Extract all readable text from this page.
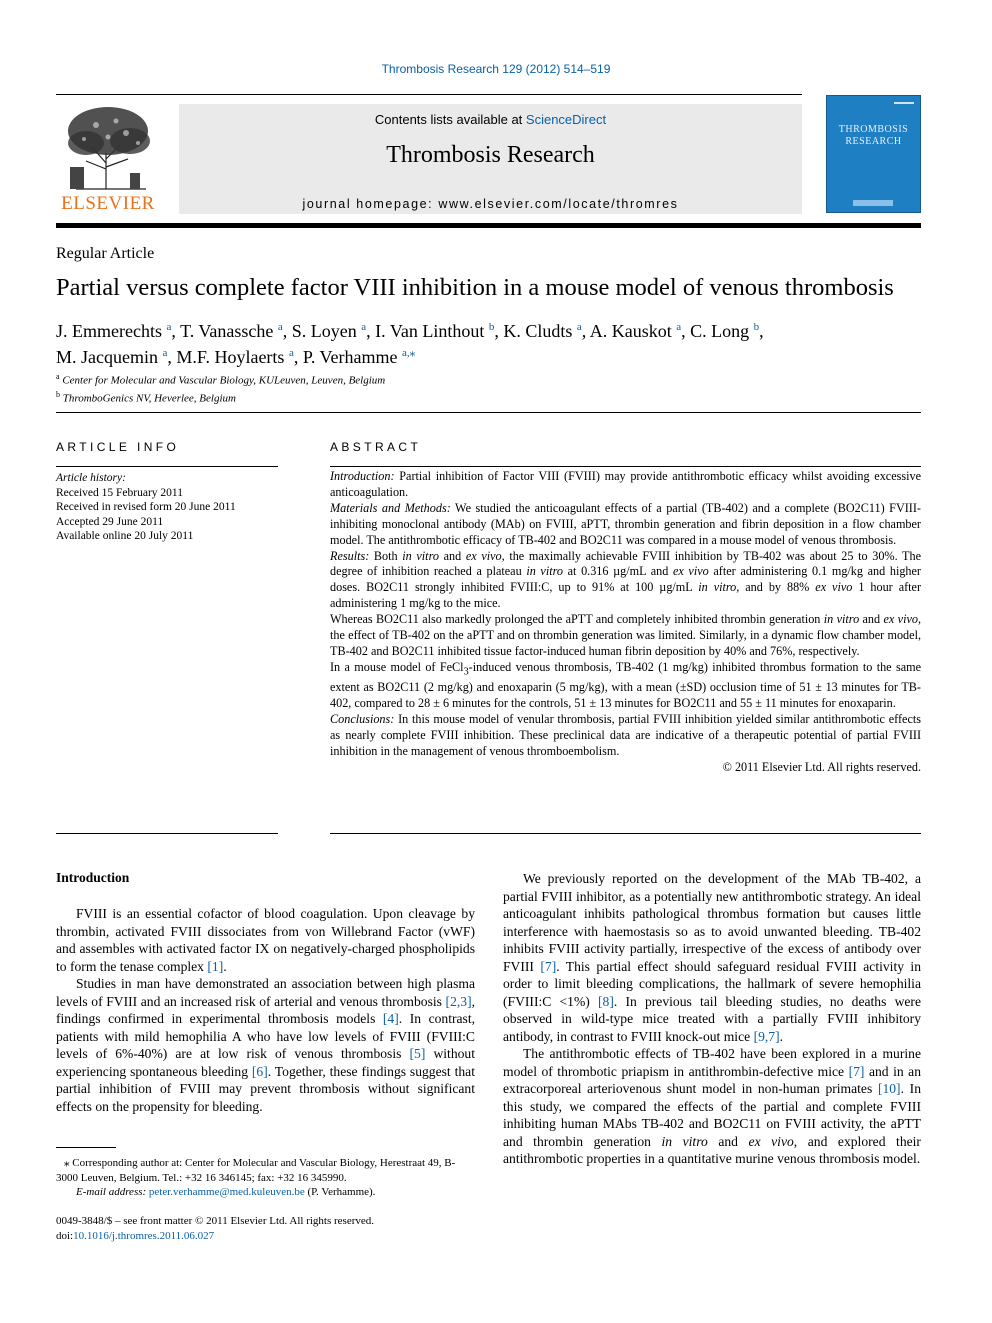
Thrombosis Research 129 (2012) 514–519
ELSEVIER
Contents lists available at ScienceDirect
Thrombosis Research
journal homepage: www.elsevier.com/locate/thromres
THROMBOSIS RESEARCH
Regular Article
Partial versus complete factor VIII inhibition in a mouse model of venous thrombosis
J. Emmerechts $^a$, T. Vanassche $^a$, S. Loyen $^a$, I. Van Linthout $^b$, K. Cludts $^a$, A. Kauskot $^a$, C. Long $^b$,
M. Jacquemin $^a$, M.F. Hoylaerts $^a$, P. Verhamme $^{a,⁎}$
$^a$ Center for Molecular and Vascular Biology, KULeuven, Leuven, Belgium
$^b$ ThromboGenics NV, Heverlee, Belgium
ARTICLE INFO	ABSTRACT
Article history:
Received 15 February 2011
Received in revised form 20 June 2011
Accepted 29 June 2011
Available online 20 July 2011

Introduction: Partial inhibition of Factor VIII (FVIII) may provide antithrombotic efficacy whilst avoiding excessive anticoagulation.

Materials and Methods: We studied the anticoagulant effects of a partial (TB-402) and a complete (BO2C11) FVIII-inhibiting monoclonal antibody (MAb) on FVIII, aPTT, thrombin generation and fibrin deposition in a flow chamber model. The antithrombotic efficacy of TB-402 and BO2C11 was compared in a mouse model of venous thrombosis.

Results: Both in vitro and ex vivo, the maximally achievable FVIII inhibition by TB-402 was about 25 to 30%. The degree of inhibition reached a plateau in vitro at 0.316 µg/mL and ex vivo after administering 0.1 mg/kg and higher doses. BO2C11 strongly inhibited FVIII:C, up to 91% at 100 µg/mL in vitro, and by 88% ex vivo 1 hour after administering 1 mg/kg to the mice.

Whereas BO2C11 also markedly prolonged the aPTT and completely inhibited thrombin generation in vitro and ex vivo, the effect of TB-402 on the aPTT and on thrombin generation was limited. Similarly, in a dynamic flow chamber model, TB-402 and BO2C11 inhibited tissue factor-induced human fibrin deposition by 40% and 76%, respectively.

In a mouse model of FeCl$_3$-induced venous thrombosis, TB-402 (1 mg/kg) inhibited thrombus formation to the same extent as BO2C11 (2 mg/kg) and enoxaparin (5 mg/kg), with a mean (±SD) occlusion time of 51 ± 13 minutes for TB-402, compared to 28 ± 6 minutes for the controls, 51 ± 13 minutes for BO2C11 and 55 ± 11 minutes for enoxaparin.

Conclusions: In this mouse model of venular thrombosis, partial FVIII inhibition yielded similar antithrombotic effects as nearly complete FVIII inhibition. These preclinical data are indicative of a therapeutic potential of partial FVIII inhibition in the management of venous thromboembolism.

© 2011 Elsevier Ltd. All rights reserved.

Introduction

FVIII is an essential cofactor of blood coagulation. Upon cleavage by thrombin, activated FVIII dissociates from von Willebrand Factor (vWF) and assembles with activated factor IX on negatively-charged phospholipids to form the tenase complex [1].

Studies in man have demonstrated an association between high plasma levels of FVIII and an increased risk of arterial and venous thrombosis [2,3], findings confirmed in experimental thrombosis models [4]. In contrast, patients with mild hemophilia A who have low levels of FVIII (FVIII:C levels of 6%-40%) are at low risk of venous thrombosis [5] without experiencing spontaneous bleeding [6]. Together, these findings suggest that partial inhibition of FVIII may prevent thrombosis without significant effects on the propensity for bleeding.

We previously reported on the development of the MAb TB-402, a partial FVIII inhibitor, as a potentially new antithrombotic strategy. An ideal anticoagulant inhibits pathological thrombus formation but causes little interference with haemostasis so as to avoid unwanted bleeding. TB-402 inhibits FVIII activity partially, irrespective of the excess of antibody over FVIII [7]. This partial effect should safeguard residual FVIII activity in order to limit bleeding complications, the hallmark of severe hemophilia (FVIII:C <1%) [8]. In previous tail bleeding studies, no deaths were observed in wild-type mice treated with a partially FVIII inhibitory antibody, in contrast to FVIII knock-out mice [9,7].

The antithrombotic effects of TB-402 have been explored in a murine model of thrombotic priapism in antithrombin-defective mice [7] and in an extracorporeal arteriovenous shunt model in non-human primates [10]. In this study, we compared the effects of the partial and complete FVIII inhibiting human MAbs TB-402 and BO2C11 on FVIII activity, the aPTT and thrombin generation in vitro and ex vivo, and explored their antithrombotic properties in a quantitative murine venous thrombosis model.

⁎ Corresponding author at: Center for Molecular and Vascular Biology, Herestraat 49, B-3000 Leuven, Belgium. Tel.: +32 16 346145; fax: +32 16 345990.
E-mail address: peter.verhamme@med.kuleuven.be (P. Verhamme).
0049-3848/$ – see front matter © 2011 Elsevier Ltd. All rights reserved.
doi:10.1016/j.thromres.2011.06.027
